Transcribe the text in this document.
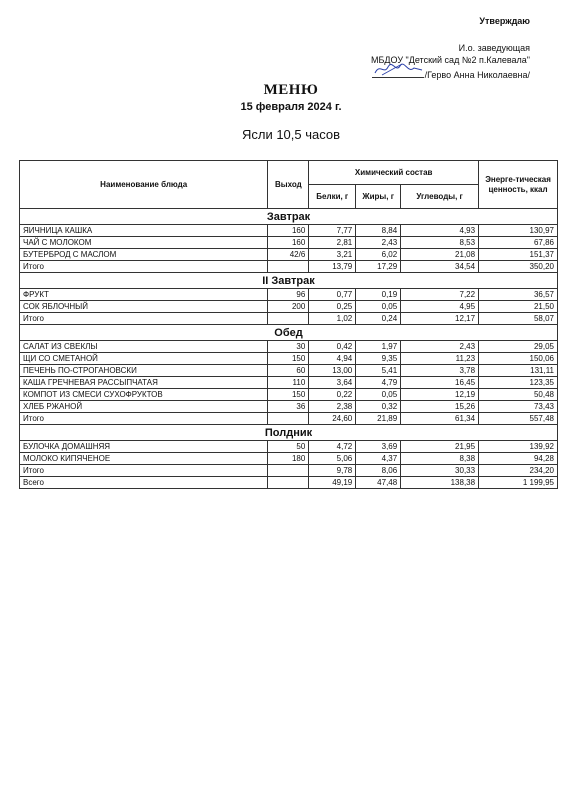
Утверждаю
И.о. заведующая
МБДОУ "Детский сад №2 п.Калевала"
/Гервo Анна Николаевна/
МЕНЮ
15 февраля 2024 г.
Ясли 10,5 часов
Наименование блюда	Выход	Химический состав			Энерге-тическая ценность, ккал
		Белки, г	Жиры, г	Углеводы, г	
Завтрак					
ЯИЧНИЦА КАШКА	160	7,77	8,84	4,93	130,97
ЧАЙ С МОЛОКОМ	160	2,81	2,43	8,53	67,86
БУТЕРБРОД С МАСЛОМ	42/6	3,21	6,02	21,08	151,37
Итого		13,79	17,29	34,54	350,20
II Завтрак					
ФРУКТ	96	0,77	0,19	7,22	36,57
СОК ЯБЛОЧНЫЙ	200	0,25	0,05	4,95	21,50
Итого		1,02	0,24	12,17	58,07
Обед					
САЛАТ ИЗ СВЕКЛЫ	30	0,42	1,97	2,43	29,05
ЩИ СО СМЕТАНОЙ	150	4,94	9,35	11,23	150,06
ПЕЧЕНЬ ПО-СТРОГАНОВСКИ	60	13,00	5,41	3,78	131,11
КАША ГРЕЧНЕВАЯ РАССЫПЧАТАЯ	110	3,64	4,79	16,45	123,35
КОМПОТ ИЗ СМЕСИ СУХОФРУКТОВ	150	0,22	0,05	12,19	50,48
ХЛЕБ РЖАНОЙ	36	2,38	0,32	15,26	73,43
Итого		24,60	21,89	61,34	557,48
Полдник					
БУЛОЧКА ДОМАШНЯЯ	50	4,72	3,69	21,95	139,92
МОЛОКО КИПЯЧЕНОЕ	180	5,06	4,37	8,38	94,28
Итого		9,78	8,06	30,33	234,20
Всего		49,19	47,48	138,38	1 199,95
